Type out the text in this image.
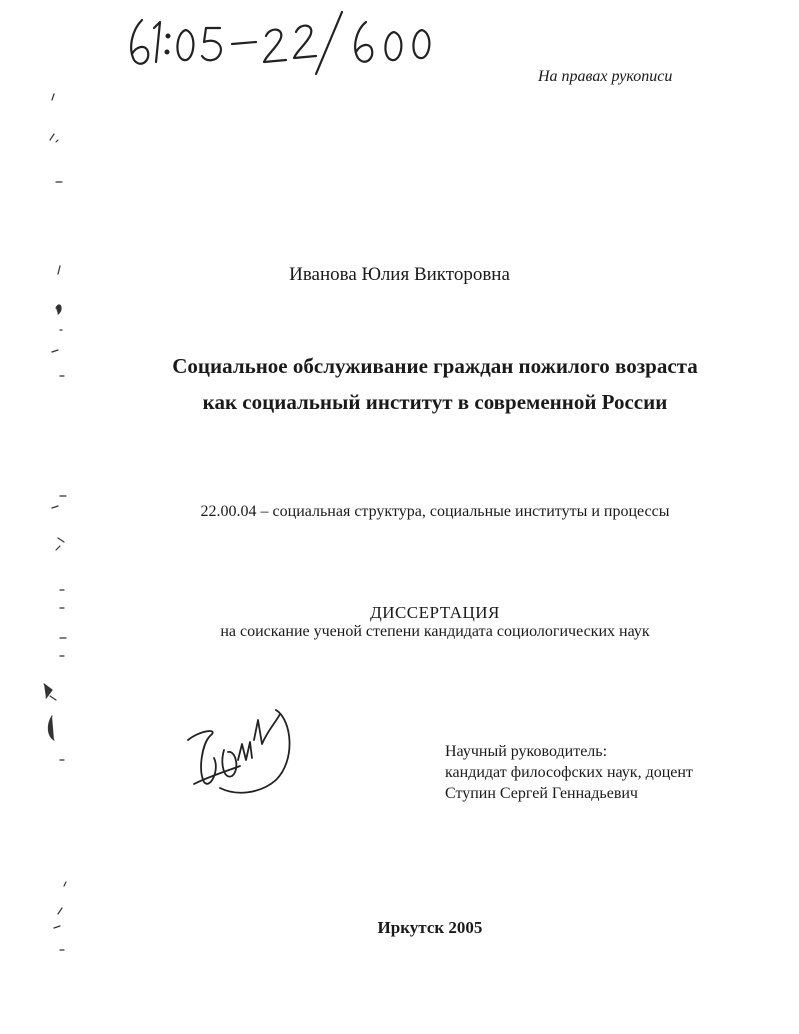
На правах рукописи
Иванова Юлия Викторовна
Социальное обслуживание граждан пожилого возраста
как социальный институт в современной России
22.00.04 – социальная структура, социальные институты и процессы
ДИССЕРТАЦИЯ
на соискание ученой степени кандидата социологических наук
Научный руководитель:
кандидат философских наук, доцент
Ступин Сергей Геннадьевич
Иркутск 2005
